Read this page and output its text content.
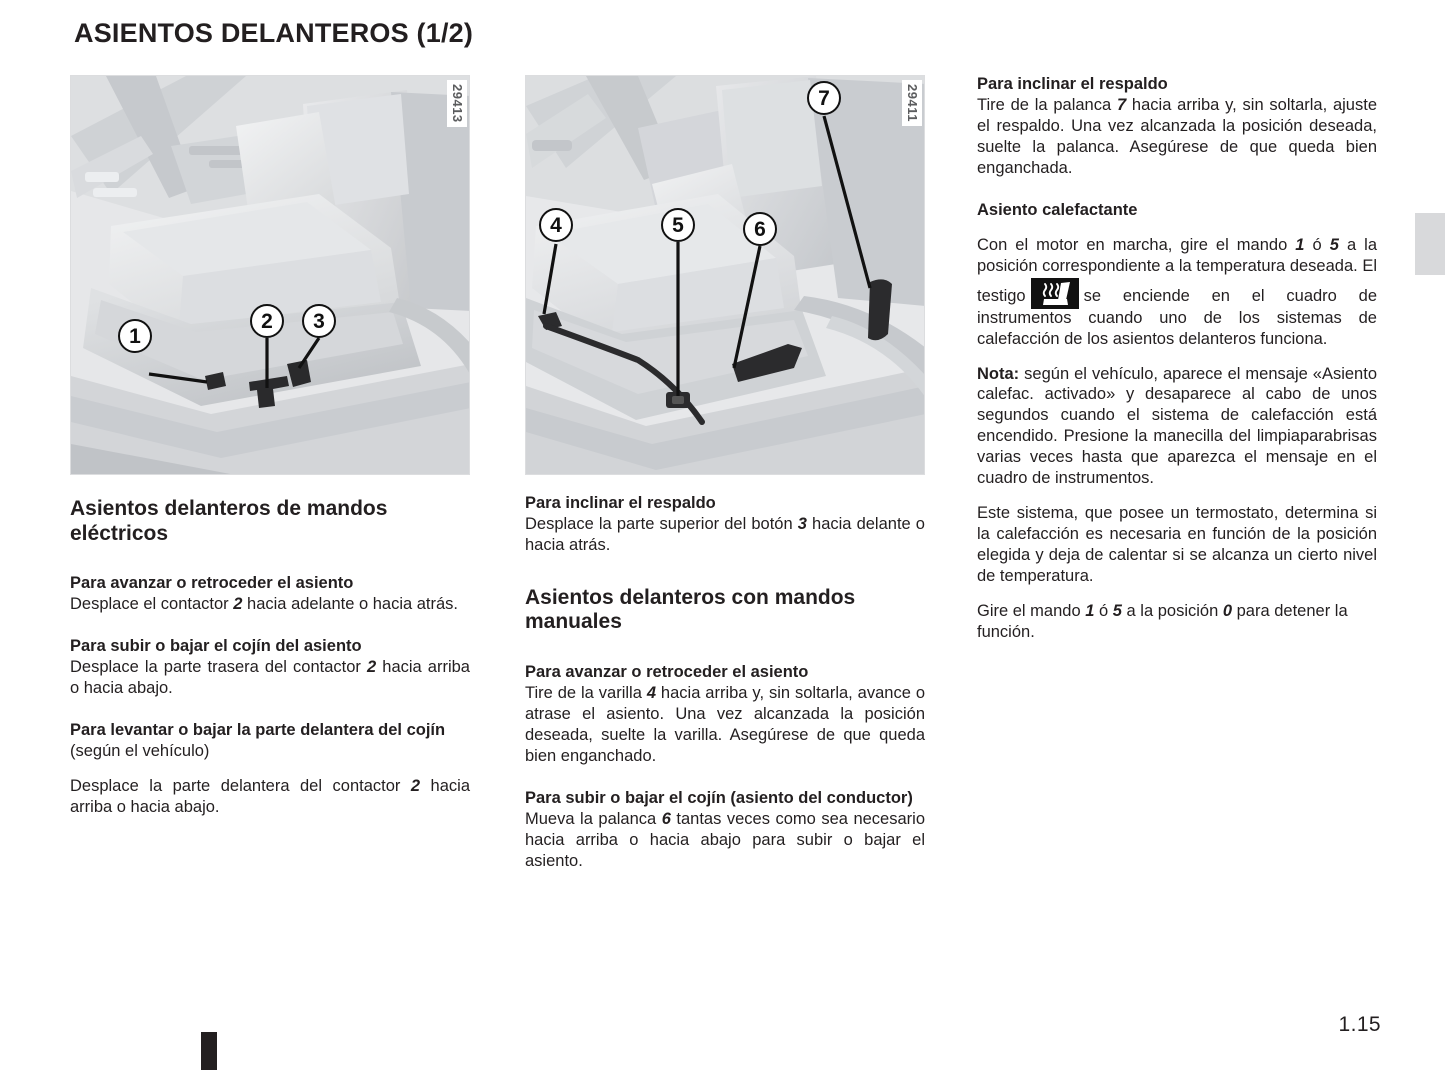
ASIENTOS DELANTEROS (1/2)
29413
1
2	3
Asientos delanteros de mandos eléctricos
Para avanzar o retroceder el asiento

Desplace el contactor 2 hacia adelante o hacia atrás.

Para subir o bajar el cojín del asiento

Desplace la parte trasera del contactor 2 hacia arriba o hacia abajo.

Para levantar o bajar la parte delantera del cojín

(según el vehículo)

Desplace la parte delantera del contactor 2 hacia arriba o hacia abajo.

29411
4	5	6
7
Para inclinar el respaldo

Desplace la parte superior del botón 3 hacia delante o hacia atrás.

Asientos delanteros con mandos manuales
Para avanzar o retroceder el asiento

Tire de la varilla 4 hacia arriba y, sin soltarla, avance o atrase el asiento. Una vez alcanzada la posición deseada, suelte la varilla. Asegúrese de que queda bien enganchado.

Para subir o bajar el cojín (asiento del conductor)

Mueva la palanca 6 tantas veces como sea necesario hacia arriba o hacia abajo para subir o bajar el asiento.

Para inclinar el respaldo

Tire de la palanca 7 hacia arriba y, sin soltarla, ajuste el respaldo. Una vez alcanzada la posición deseada, suelte la palanca. Asegúrese de que queda bien enganchada.

Asiento calefactante

Con el motor en marcha, gire el mando 1 ó 5 a la posición correspondiente a la temperatura deseada. El testigo	se enciende en el cuadro de instrumentos cuando uno de los sistemas de calefacción de los asientos delanteros funciona.

Nota: según el vehículo, aparece el mensaje «Asiento calefac. activado» y desaparece al cabo de unos segundos cuando el sistema de calefacción está encendido. Presione la manecilla del limpiaparabrisas varias veces hasta que aparezca el mensaje en el cuadro de instrumentos.

Este sistema, que posee un termostato, determina si la calefacción es necesaria en función de la posición elegida y deja de calentar si se alcanza un cierto nivel de temperatura.

Gire el mando 1 ó 5 a la posición 0 para detener la función.

1.15
